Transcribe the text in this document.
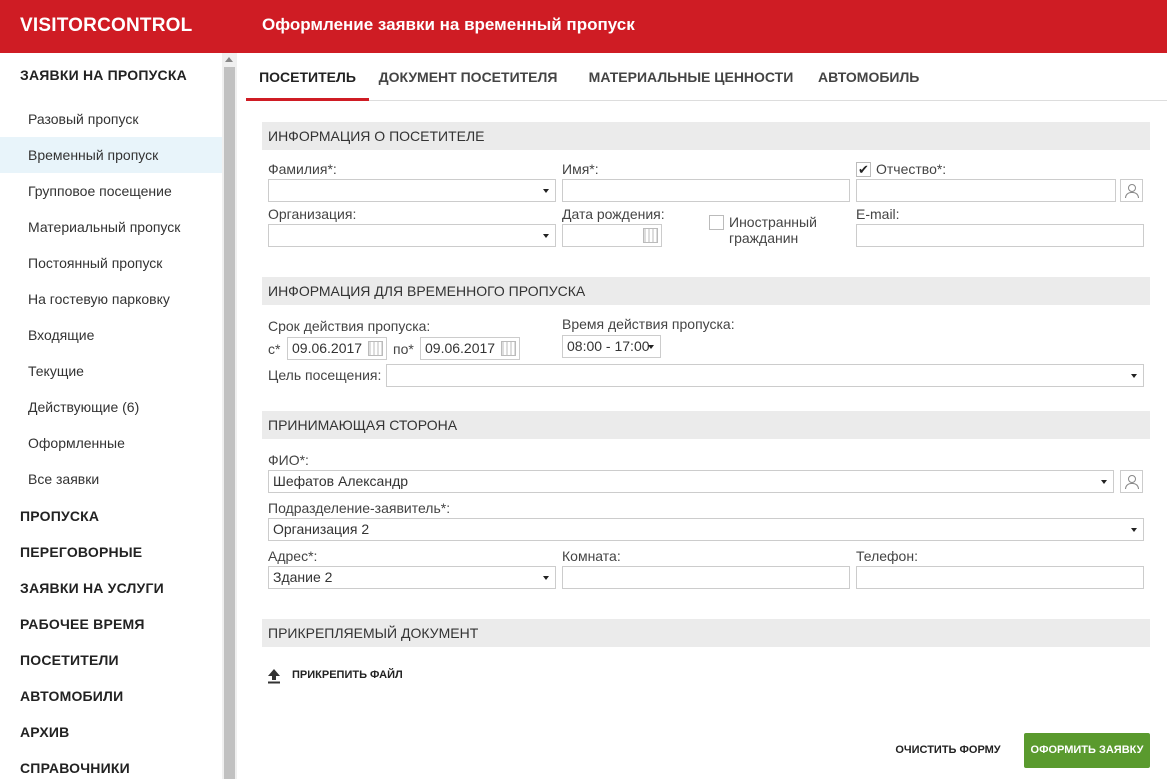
VISITORCONTROL	Оформление заявки на временный пропуск
ЗАЯВКИ НА ПРОПУСКА
Разовый пропуск
Временный пропуск
Групповое посещение
Материальный пропуск
Постоянный пропуск
На гостевую парковку
Входящие
Текущие
Действующие (6)
Оформленные
Все заявки
ПРОПУСКА
ПЕРЕГОВОРНЫЕ
ЗАЯВКИ НА УСЛУГИ
РАБОЧЕЕ ВРЕМЯ
ПОСЕТИТЕЛИ
АВТОМОБИЛИ
АРХИВ
СПРАВОЧНИКИ
ПОСЕТИТЕЛЬ	ДОКУМЕНТ ПОСЕТИТЕЛЯ МАТЕРИАЛЬНЫЕ ЦЕННОСТИ АВТОМОБИЛЬ
ИНФОРМАЦИЯ О ПОСЕТИТЕЛЕ
Фамилия*:	Имя*:	✔ Отчество*:
Организация:	Дата рождения:	Иностранный
гражданин
E-mail:
ИНФОРМАЦИЯ ДЛЯ ВРЕМЕННОГО ПРОПУСКА
Срок действия пропуска:
с* 09.06.2017	по* 09.06.2017
Время действия пропуска:
08:00 - 17:00
Цель посещения:
ПРИНИМАЮЩАЯ СТОРОНА
ФИО*:
Шефатов Александр
Подразделение-заявитель*:
Организация 2
Адрес*:
Здание 2
Комната:	Телефон:
ПРИКРЕПЛЯЕМЫЙ ДОКУМЕНТ
ПРИКРЕПИТЬ ФАЙЛ
ОЧИСТИТЬ ФОРМУ	ОФОРМИТЬ ЗАЯВКУ
